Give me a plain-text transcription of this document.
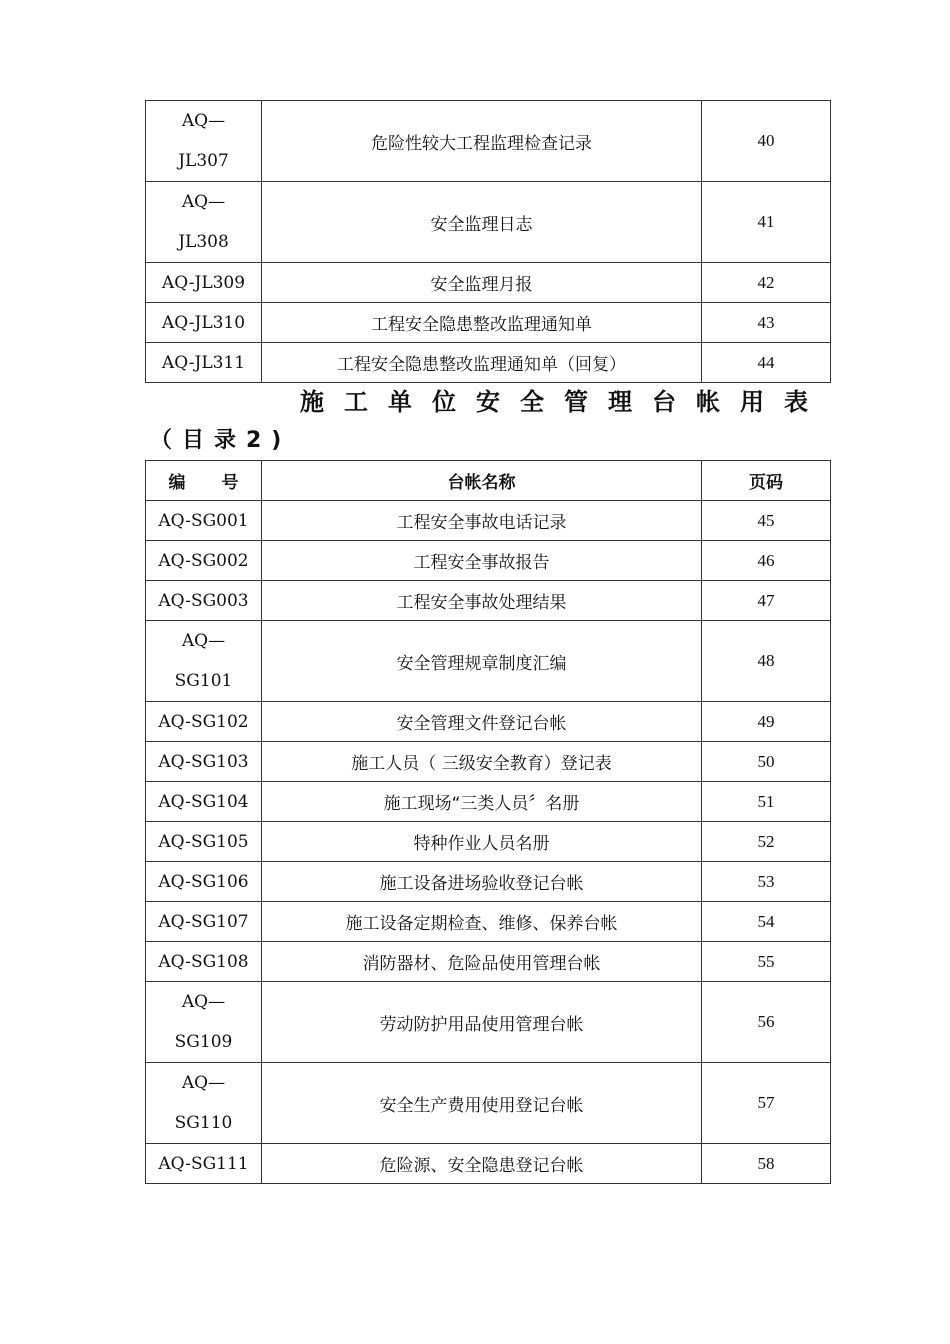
AQ—
JL307	危险性较大工程监理检查记录	40

AQ—
JL308	安全监理日志	41
AQ-JL309	安全监理月报	42
AQ-JL310	工程安全隐患整改监理通知单	43
AQ-JL311	工程安全隐患整改监理通知单（回复）	44
施工单位安全管理台帐用表
（目录2)
编号	台帐名称	页码
AQ-SG001	工程安全事故电话记录	45
AQ-SG002	工程安全事故报告	46
AQ-SG003	工程安全事故处理结果	47

AQ—
SG101	安全管理规章制度汇编	48
AQ-SG102	安全管理文件登记台帐	49
AQ-SG103	施工人员（ 三级安全教育）登记表	50
AQ-SG104	施工现场“三类人员〞名册	51
AQ-SG105	特种作业人员名册	52
AQ-SG106	施工设备进场验收登记台帐	53
AQ-SG107	施工设备定期检查、维修、保养台帐	54
AQ-SG108	消防器材、危险品使用管理台帐	55

AQ—
SG109	劳动防护用品使用管理台帐	56

AQ—
SG110	安全生产费用使用登记台帐	57
AQ-SG111	危险源、安全隐患登记台帐	58
